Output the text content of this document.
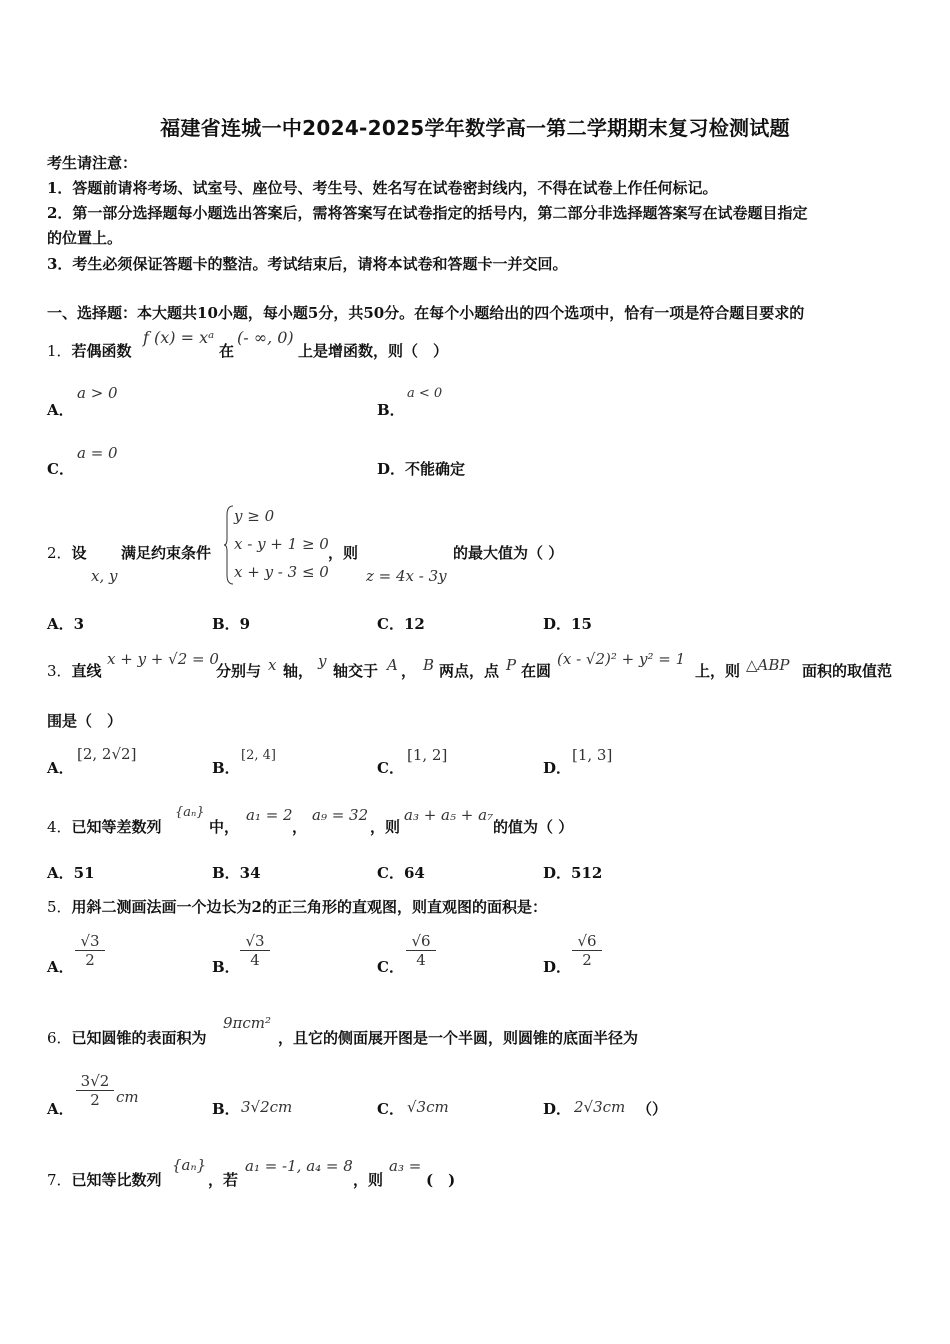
福建省连城一中2024-2025学年数学高一第二学期期末复习检测试题
考生请注意：
1．答题前请将考场、试室号、座位号、考生号、姓名写在试卷密封线内，不得在试卷上作任何标记。
2．第一部分选择题每小题选出答案后，需将答案写在试卷指定的括号内，第二部分非选择题答案写在试卷题目指定
的位置上。
3．考生必须保证答题卡的整洁。考试结束后，请将本试卷和答题卡一并交回。
一、选择题：本大题共10小题，每小题5分，共50分。在每个小题给出的四个选项中，恰有一项是符合题目要求的
1．若偶函数
f (x) = xᵃ
在
(- ∞, 0)
上是增函数，则（　）
A．
a > 0
B．
a < 0
C．
a = 0
D．不能确定
2．设
x, y
满足约束条件
y ≥ 0
x - y + 1 ≥ 0
x + y - 3 ≤ 0
，则
z = 4x - 3y
的最大值为（ ）
A．3	B．9	C．12	D．15
3．直线
x + y + √2 = 0
分别与 x 轴，
y
轴交于 A ， B 两点，点 P 在圆
(x - √2)² + y² = 1
上，则 △ABP 面积的取值范
围是（　）
A．
[2, 2√2]
B．
[2, 4]
C．
[1, 2]
D．
[1, 3]
4．已知等差数列
{aₙ}
中，
a₁ = 2
，
a₉ = 32
，则
a₃ + a₅ + a₇
的值为（ ）
A．51	B．34	C．64	D．512
5．用斜二测画法画一个边长为2的正三角形的直观图，则直观图的面积是：
A． $\frac{√3}{2}$	B． $\frac{√3}{4}$	C． $\frac{√6}{4}$	D． $\frac{√6}{2}$
6．已知圆锥的表面积为
9πcm²
，且它的侧面展开图是一个半圆，则圆锥的底面半径为
A． $\frac{3√2}{2}$ cm
B． 3√2cm	C． √3cm	D． 2√3cm （）
7．已知等比数列
{aₙ}
，若
a₁ = -1, a₄ = 8
，则
a₃ =
(　)
